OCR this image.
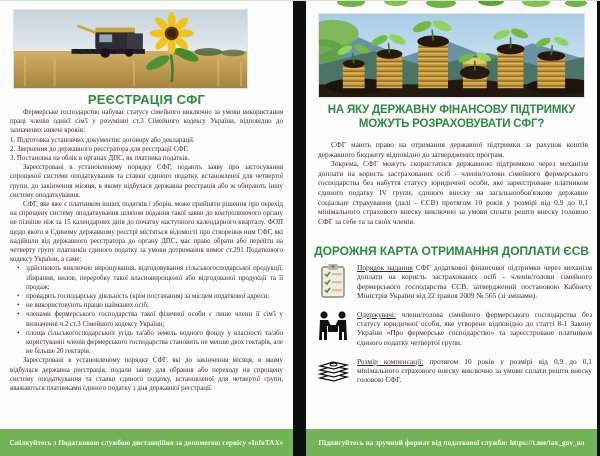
РЕЄСТРАЦІЯ СФГ

Фермерське господарство набуває статусу сімейного виключно за умови використання праці членів однієї сім'ї у розумінні ст.3 Сімейного кодексу України, відповідно до зазначених нижче кроків:

1. Підготовка установчих документів: договору або декларації.
2. Звернення до державного реєстратора для реєстрації СФГ.
3. Постановка на облік в органах ДПС, як платника податків.

Зареєстровані в установленому порядку СФГ, подають заяву про застосування спрощеної системи оподаткування та ставки єдиного податку, встановленої для четвертої групи, до закінчення місяця, в якому відбулася державна реєстрація або ж обирають іншу систему оподаткування.

СФГ, яке вже є платником інших податків і зборів, може прийняти рішення про перехід на спрощену систему оподаткування шляхом подання такої заяви до контролюючого органу не пізніше ніж за 15 календарних днів до початку наступного календарного кварталу. ФОП щодо якого в Єдиному державному реєстрі містяться відомості про створення ним СФГ, які надійшли від державного реєстратора до органу ДПС, має право обрати або перейти на четверту групу платників єдиного податку за умови дотримання вимог ст.291 Податкового кодексу України, а саме:

• здійснюють виключно вирощування, відгодовування сільськогосподарської продукції, збирання, вилов, переробку такої власновирощеної або відгодованої продукції та її продаж;
• провадять господарську діяльність (крім постачання) за місцем податкової адреси;
• не використовують працю найманих осіб;
• членами фермерського господарства такої фізичної особи є лише члени її сім'ї у визначенні ч.2 ст.3 Сімейного кодексу України;
• площа сільськогосподарських угідь та/або земель водного фонду у власності та/або користуванні членів фермерського господарства становить не менше двох гектарів, але не більше 20 гектарів.

Зареєстровані в установленому порядку СФГ, які до закінчення місяця, в якому відбулася державна реєстрація, подали заяву для обрання або переходу на спрощену систему оподаткування та ставки єдиного податку, встановленої для четвертої групи, вважаються платниками єдиного податку з дня державної реєстрації.

Спілкуйтесь з Податковою службою дистанційно за допомогою сервісу «InfoTAX»
НА ЯКУ ДЕРЖАВНУ ФІНАНСОВУ ПІДТРИМКУ
МОЖУТЬ РОЗРАХОВУВАТИ СФГ?

СФГ мають право на отримання державної підтримки за рахунок коштів державного бюджету відповідно до затверджених програм.

Зокрема, СФГ можуть скористатися державною підтримкою через механізм доплати на користь застрахованих осіб - членів/голови сімейного фермерського господарства без набуття статусу юридичної особи, яке зареєстроване платником єдиного податку IV групи, єдиного внеску на загальнообов'язкове державне соціальне страхування (далі - ЄСВ) протягом 10 років у розмірі від 0,9 до 0,1 мінімального страхового внеску виключно за умови сплати решти внеску головою СФГ за себе та за своїх членів.

ДОРОЖНЯ КАРТА ОТРИМАННЯ ДОПЛАТИ ЄСВ
Порядок надання СФГ додаткової фінансової підтримки через механізм доплати на користь застрахованих осіб - членів/голови сімейного фермерського господарства ЄСВ, затверджений постановою Кабінету Міністрів України від 22 травня 2009 № 565 (зі змінами).
Одержувачі: члени/голова сімейного фермерського господарства без статусу юридичної особи, яке утворене відповідно до статті 8-1 Закону України «Про фермерське господарство» та зареєстроване платником єдиного податку четвертої групи.
Розмір компенсації: протягом 10 років у розмірі від 0,9 до 0,1 мінімального страхового внеску виключно за умови сплати решти внеску головою СФГ.
Підписуйтесь на зручний формат від податкової служби: https://t.me/tax_gov_ua
